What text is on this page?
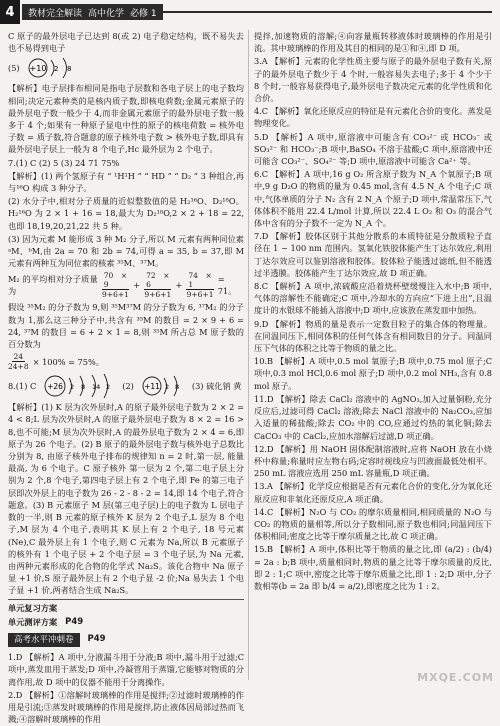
4	教材完全解读 高中化学 必修 1

C 原子的最外层电子已达到 8(或 2) 电子稳定结构，既不易失去也不易得到电子

(5) +10 2 8

【解析】电子层排布相同是指电子层数和各电子层上的电子数均相同;决定元素种类的是核内质子数,即核电荷数;金属元素原子的最外层电子数一般少于 4,而非金属元素原子的最外层电子数一般多于 4 个;如果有一种原子显电中性的原子的核电荷数 = 核外电子数 = 质子数,符合题意的原子核外电子数 > 核外电子数,即具有最外层电子层上一般为 8 个电子,Hc 最外层为 2 个电子。

7.(1) C (2) 5 (3) 24 71 75%

【解析】(1) 两个氢原子有 “ ¹H¹H ” “ HD ” “ D₂ ” 3 种组合,再与¹⁶O 构成 3 种分子。

(2) 水分子中,相对分子质量的近似整数值的是 H₂¹⁶O、D₂¹⁸O。H₂¹⁶O 为 2 × 1 + 16 = 18,最大为 D₂¹⁸O,2 × 2 + 18 = 22,也即 18,19,20,21,22 共 5 种。

(3) 因为元素 M 能形成 3 种 M₂ 分子,所以 M 元素有两种同位素 ᵃM、ᵇM,由 2a = 70 和 2b = 74,可得 a = 35, b = 37,即 M 元素有两种互为同位素的核素 ³⁵M、³⁷M。

M₂ 的平均相对分子质量为	$\frac{70 \times 9}{9+6+1} + \frac{72 \times 6}{9+6+1} + \frac{74 \times 1}{9+6+1} = 71$。

假设 ³⁵M₂ 的分子数为 9,则 ³⁵M³⁷M 的分子数为 6, ³⁷M₂ 的分子数为 1,那么这三种分子中,共含有 ³⁵M 的数目 = 2 × 9 + 6 = 24, ³⁷M 的数目 = 6 + 2 × 1 = 8,则 ³⁵M 所占总 M 原子数的百分数为

$\frac{24}{24+8} \times 100\% = 75\%$。
8.(1) C +26 2 8 14 2 (2) +11 2 8 (3) 硫化钠 黄

【解析】(1) K 层为次外层时,A 的原子最外层电子数为 2 × 2 = 4 < 8;L 层为次外层时,A 的原子最外层电子数为 8 × 2 = 16 > 8,也不可能;M 层为次外层时,A 的最外层电子数为 2 × 4 = 6,即原子为 26 个电子。(2) B 原子的最外层电子数与核外电子总数比分别为 8, 由原子核外电子排布的规律知 n = 2 时,第一层, 能量最高, 为 6 个电子。C 原子核外 第一层为 2 个,第二电子层上分别为 2 个,8 个电子,第四电子层上有 2 个电子,即 Fe 的第三电子层即次外层上的电子数为 26 - 2 - 8 - 2 = 14,即 14 个电子,符合题意。(3) B 元素原子 M 层(第三电子层)上的电子数为 L 层电子数的一半,则 B 元素的原子核外 K 层为 2 个电子,L 层为 8 个电子,M 层为 4 个电子,表明其 K 层上有 2 个电子, 18 号元素(Ne),C 最外层上有 1 个电子,则 C 元素为 Na,所以 B 元素原子的核外有 1 个电子层 + 2 个电子层 = 3 个电子层,为 Na 元素, 由两种元素形成的化合物的化学式 Na₂S。该化合物中 Na 原子显 +1 价,S 原子最外层上有 2 个电子显 -2 价;Na 易失去 1 个电子显 +1 价,两者结合生成 Na₂S。

单元复习方案
单元测评方案 P49
高考水平冲刺卷	P49

1.D 【解析】A 项中,分液漏斗用于分液;B 项中,漏斗用于过滤;C 项中,蒸发皿用于蒸发;D 项中,冷凝管用于蒸馏,它能够对物质的分离作用,故 D 项中的仪器不能用于分离操作。

2.D 【解析】①溶解时玻璃棒的作用是搅拌;②过滤时玻璃棒的作用是引流;③蒸发时玻璃棒的作用是搅拌,防止液体因局部过热而飞溅;④溶解时玻璃棒的作用

提拌,加速物质的溶解;④向容量瓶转移液体时玻璃棒的作用是引流。其中玻璃棒的作用及其目的相同的是①和④,即 D 项。

3.A 【解析】元素的化学性质主要与原子的最外层电子数有关,原子的最外层电子数少于 4 个时,一般容易失去电子;多于 4 个少于 8 个时,一般容易获得电子,最外层电子数决定元素的化学性质和化合价。

4.C 【解析】氧化还原反应的特征是有元素化合价的变化。蒸发是物理变化。

5.D 【解析】A 项中,原溶液中可能含有 CO₃²⁻ 或 HCO₃⁻ 或 SO₃²⁻ 和 HCO₃⁻;B 项中,BaSO₄ 不溶于盐酸;C 项中,原溶液中还可能含 CO₃²⁻、SO₄²⁻ 等;D 项中,原溶液中可能含 Ca²⁺ 等。

6.C 【解析】A 项中,16 g O₂ 所含原子数为 N_A 个氧原子;B 项中,9 g D₂O 的物质的量为 0.45 mol,含有 4.5 N_A 个电子;C 项中,气体单质的分子 N₂ 含有 2 N_A 个原子;D 项中,常温常压下,气体体积不能用 22.4 L/mol 计算,所以 22.4 L O₂ 和 O₃ 的混合气体中含有的分子数不一定为 N_A 个。

7.D 【解析】胶体区别于其他分散系的本质特征是分散质粒子直径在 1 ~ 100 nm 范围内。氢氧化铁胶体能产生丁达尔效应,利用丁达尔效应可以鉴别溶液和胶体。胶体粒子能透过滤纸,但不能透过半透膜。胶体能产生丁达尔效应,故 D 项正确。

8.C 【解析】A 项中,浓硫酸应沿着烧杯壁缓慢注入水中;B 项中,气体的溶解性不能确定;C 项中,冷却水的方向应“下进上出”,且温度计的水银球不能插入溶液中;D 项中,应该放在蒸发皿中加热。

9.D 【解析】物质的量是表示一定数目粒子的集合体的物理量。在同温同压下,相同体积的任何气体含有相同数目的分子。同温同压下气体的体积之比等于物质的量之比。

10.B 【解析】A 项中,0.5 mol 氧原子;B 项中,0.75 mol 原子;C 项中,0.3 mol HCl,0.6 mol 原子;D 项中,0.2 mol NH₃,含有 0.8 mol 原子。

11.D 【解析】除去 CaCl₂ 溶液中的 AgNO₃,加入过量铜粉,充分反应后,过滤可得 CaCl₂ 溶液;除去 NaCl 溶液中的 Na₂CO₃,应加入适量的稀盐酸;除去 CO₂ 中的 CO,应通过灼热的氧化铜;除去 CaCO₃ 中的 CaCl₂,应加水溶解后过滤,D 项正确。

12.D 【解析】用 NaOH 固体配制溶液时,应将 NaOH 放在小烧杯中称量;称量时应左物右码;定容时视线应与凹液面最低处相平。250 mL 溶液应选用 250 mL 容量瓶,D 项正确。

13.A 【解析】化学反应根据是否有元素化合价的变化,分为氧化还原反应和非氧化还原反应,A 项正确。

14.C 【解析】N₂O 与 CO₂ 的摩尔质量相同,相同质量的 N₂O 与 CO₂ 的物质的量相等,所以分子数相同,原子数也相同;同温同压下体积相同;密度之比等于摩尔质量之比,故 C 项正确。

15.B 【解析】A 项中,体积比等于物质的量之比,即 (a/2) : (b/4) = 2a : b;B 项中,质量相同时,物质的量之比等于摩尔质量的反比,即 2 : 1;C 项中,密度之比等于摩尔质量之比,即 1 : 2;D 项中,分子数相等(b = 2a 即 b/4 = a/2),即密度之比为 1 : 2。

MXQE.COM
